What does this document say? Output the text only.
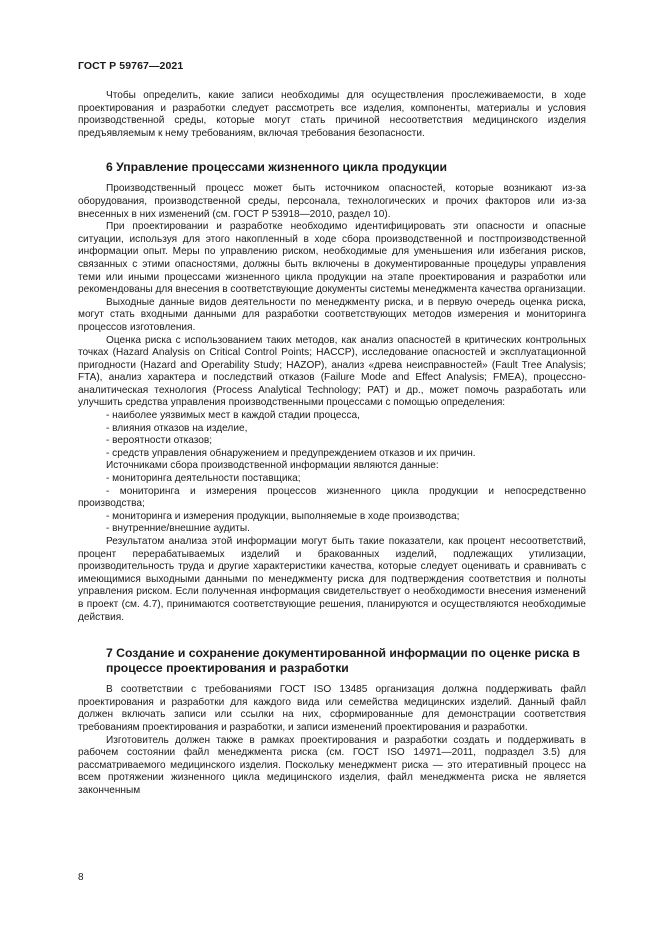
ГОСТ Р 59767—2021

Чтобы определить, какие записи необходимы для осуществления прослеживаемости, в ходе проектирования и разработки следует рассмотреть все изделия, компоненты, материалы и условия производственной среды, которые могут стать причиной несоответствия медицинского изделия предъявляемым к нему требованиям, включая требования безопасности.

6 Управление процессами жизненного цикла продукции

Производственный процесс может быть источником опасностей, которые возникают из-за оборудования, производственной среды, персонала, технологических и прочих факторов или из-за внесенных в них изменений (см. ГОСТ Р 53918—2010, раздел 10).

При проектировании и разработке необходимо идентифицировать эти опасности и опасные ситуации, используя для этого накопленный в ходе сбора производственной и постпроизводственной информации опыт. Меры по управлению риском, необходимые для уменьшения или избегания рисков, связанных с этими опасностями, должны быть включены в документированные процедуры управления теми или иными процессами жизненного цикла продукции на этапе проектирования и разработки или рекомендованы для внесения в соответствующие документы системы менеджмента качества организации.

Выходные данные видов деятельности по менеджменту риска, и в первую очередь оценка риска, могут стать входными данными для разработки соответствующих методов измерения и мониторинга процессов изготовления.

Оценка риска с использованием таких методов, как анализ опасностей в критических контрольных точках (Hazard Analysis on Critical Control Points; HACCP), исследование опасностей и эксплуатационной пригодности (Hazard and Operability Study; HAZOP), анализ «древа неисправностей» (Fault Tree Analysis; FTA), анализ характера и последствий отказов (Failure Mode and Effect Analysis; FMEA), процессно-аналитическая технология (Process Analytical Technology; PAT) и др., может помочь разработать или улучшить средства управления производственными процессами с помощью определения:

- наиболее уязвимых мест в каждой стадии процесса,

- влияния отказов на изделие,

- вероятности отказов;

- средств управления обнаружением и предупреждением отказов и их причин.

Источниками сбора производственной информации являются данные:

- мониторинга деятельности поставщика;

- мониторинга и измерения процессов жизненного цикла продукции и непосредственно производства;

- мониторинга и измерения продукции, выполняемые в ходе производства;

- внутренние/внешние аудиты.

Результатом анализа этой информации могут быть такие показатели, как процент несоответствий, процент перерабатываемых изделий и бракованных изделий, подлежащих утилизации, производительность труда и другие характеристики качества, которые следует оценивать и сравнивать с имеющимися выходными данными по менеджменту риска для подтверждения соответствия и полноты управления риском. Если полученная информация свидетельствует о необходимости внесения изменений в проект (см. 4.7), принимаются соответствующие решения, планируются и осуществляются необходимые действия.

7 Создание и сохранение документированной информации по оценке риска в процессе проектирования и разработки

В соответствии с требованиями ГОСТ ISO 13485 организация должна поддерживать файл проектирования и разработки для каждого вида или семейства медицинских изделий. Данный файл должен включать записи или ссылки на них, сформированные для демонстрации соответствия требованиям проектирования и разработки, и записи изменений проектирования и разработки.

Изготовитель должен также в рамках проектирования и разработки создать и поддерживать в рабочем состоянии файл менеджмента риска (см. ГОСТ ISO 14971—2011, подраздел 3.5) для рассматриваемого медицинского изделия. Поскольку менеджмент риска — это итеративный процесс на всем протяжении жизненного цикла медицинского изделия, файл менеджмента риска не является законченным

8
